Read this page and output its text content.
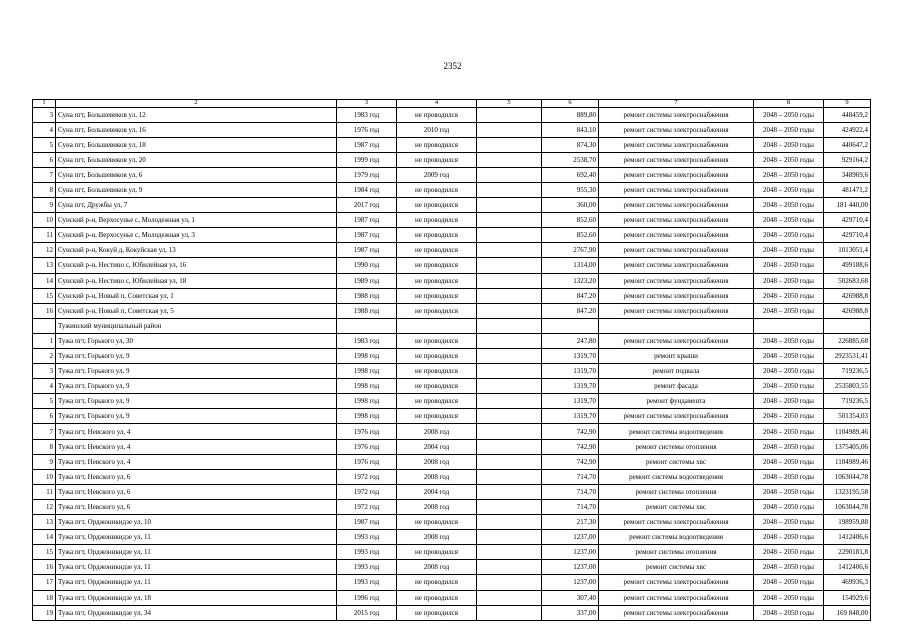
2352
1	2	3	4	5	6	7	8	9
3	Суна пгт, Большевиков ул, 12	1983 год	не проводился		889,80	ремонт системы электроснабжения	2048 – 2050 годы	448459,2
4	Суна пгт, Большевиков ул, 16	1976 год	2010 год		843,10	ремонт системы электроснабжения	2048 – 2050 годы	424922,4
5	Суна пгт, Большевиков ул, 18	1987 год	не проводился		874,30	ремонт системы электроснабжения	2048 – 2050 годы	440647,2
6	Суна пгт, Большевиков ул, 20	1999 год	не проводился		2538,70	ремонт системы электроснабжения	2048 – 2050 годы	929164,2
7	Суна пгт, Большевиков ул, 6	1979 год	2009 год		692,40	ремонт системы электроснабжения	2048 – 2050 годы	348969,6
8	Суна пгт, Большевиков ул, 9	1984 год	не проводился		955,30	ремонт системы электроснабжения	2048 – 2050 годы	481471,2
9	Суна пгт, Дружбы ул, 7	2017 год	не проводился		360,00	ремонт системы электроснабжения	2048 – 2050 годы	181 440,00
10	Сунский р-н, Верхосунье с, Молодежная ул, 1	1987 год	не проводился		852,60	ремонт системы электроснабжения	2048 – 2050 годы	429710,4
11	Сунский р-н, Верхосунье с, Молодежная ул, 3	1987 год	не проводился		852,60	ремонт системы электроснабжения	2048 – 2050 годы	429710,4
12	Сунский р-н, Кокуй д, Кокуйская ул, 13	1987 год	не проводился		2767,90	ремонт системы электроснабжения	2048 – 2050 годы	1013051,4
13	Сунский р-н, Нестино с, Юбилейная ул, 16	1990 год	не проводился		1314,00	ремонт системы электроснабжения	2048 – 2050 годы	499188,6
14	Сунский р-н, Нестино с, Юбилейная ул, 18	1989 год	не проводился		1323,20	ремонт системы электроснабжения	2048 – 2050 годы	502683,68
15	Сунский р-н, Новый п, Советская ул, 1	1988 год	не проводился		847,20	ремонт системы электроснабжения	2048 – 2050 годы	426988,8
16	Сунский р-н, Новый п, Советская ул, 5	1988 год	не проводился		847,20	ремонт системы электроснабжения	2048 – 2050 годы	426988,8
	Тужинский муниципальный район							
1	Тужа пгт, Горького ул, 30	1983 год	не проводился		247,80	ремонт системы электроснабжения	2048 – 2050 годы	226885,68
2	Тужа пгт, Горького ул, 9	1998 год	не проводился		1319,70	ремонт крыши	2048 – 2050 годы	2923531,41
3	Тужа пгт, Горького ул, 9	1998 год	не проводился		1319,70	ремонт подвала	2048 – 2050 годы	719236,5
4	Тужа пгт, Горького ул, 9	1998 год	не проводился		1319,70	ремонт фасада	2048 – 2050 годы	2535803,55
5	Тужа пгт, Горького ул, 9	1998 год	не проводился		1319,70	ремонт фундамента	2048 – 2050 годы	719236,5
6	Тужа пгт, Горького ул, 9	1998 год	не проводился		1319,70	ремонт системы электроснабжения	2048 – 2050 годы	501354,03
7	Тужа пгт, Невского ул, 4	1976 год	2008 год		742,90	ремонт системы водоотведения	2048 – 2050 годы	1104989,46
8	Тужа пгт, Невского ул, 4	1976 год	2004 год		742,90	ремонт системы отопления	2048 – 2050 годы	1375405,06
9	Тужа пгт, Невского ул, 4	1976 год	2008 год		742,90	ремонт системы хвс	2048 – 2050 годы	1104989,46
10	Тужа пгт, Невского ул, 6	1972 год	2008 год		714,70	ремонт системы водоотведения	2048 – 2050 годы	1063044,78
11	Тужа пгт, Невского ул, 6	1972 год	2004 год		714,70	ремонт системы отопления	2048 – 2050 годы	1323195,58
12	Тужа пгт, Невского ул, 6	1972 год	2008 год		714,70	ремонт системы хвс	2048 – 2050 годы	1063044,78
13	Тужа пгт, Орджоникидзе ул, 10	1987 год	не проводился		217,30	ремонт системы электроснабжения	2048 – 2050 годы	198959,88
14	Тужа пгт, Орджоникидзе ул, 11	1993 год	2008 год		1237,00	ремонт системы водоотведения	2048 – 2050 годы	1412406,6
15	Тужа пгт, Орджоникидзе ул, 11	1993 год	не проводился		1237,00	ремонт системы отопления	2048 – 2050 годы	2290181,8
16	Тужа пгт, Орджоникидзе ул, 11	1993 год	2008 год		1237,00	ремонт системы хвс	2048 – 2050 годы	1412406,6
17	Тужа пгт, Орджоникидзе ул, 11	1993 год	не проводился		1237,00	ремонт системы электроснабжения	2048 – 2050 годы	469936,3
18	Тужа пгт, Орджоникидзе ул, 18	1996 год	не проводился		307,40	ремонт системы электроснабжения	2048 – 2050 годы	154929,6
19	Тужа пгт, Орджоникидзе ул, 34	2015 год	не проводился		337,00	ремонт системы электроснабжения	2048 – 2050 годы	169 848,00
